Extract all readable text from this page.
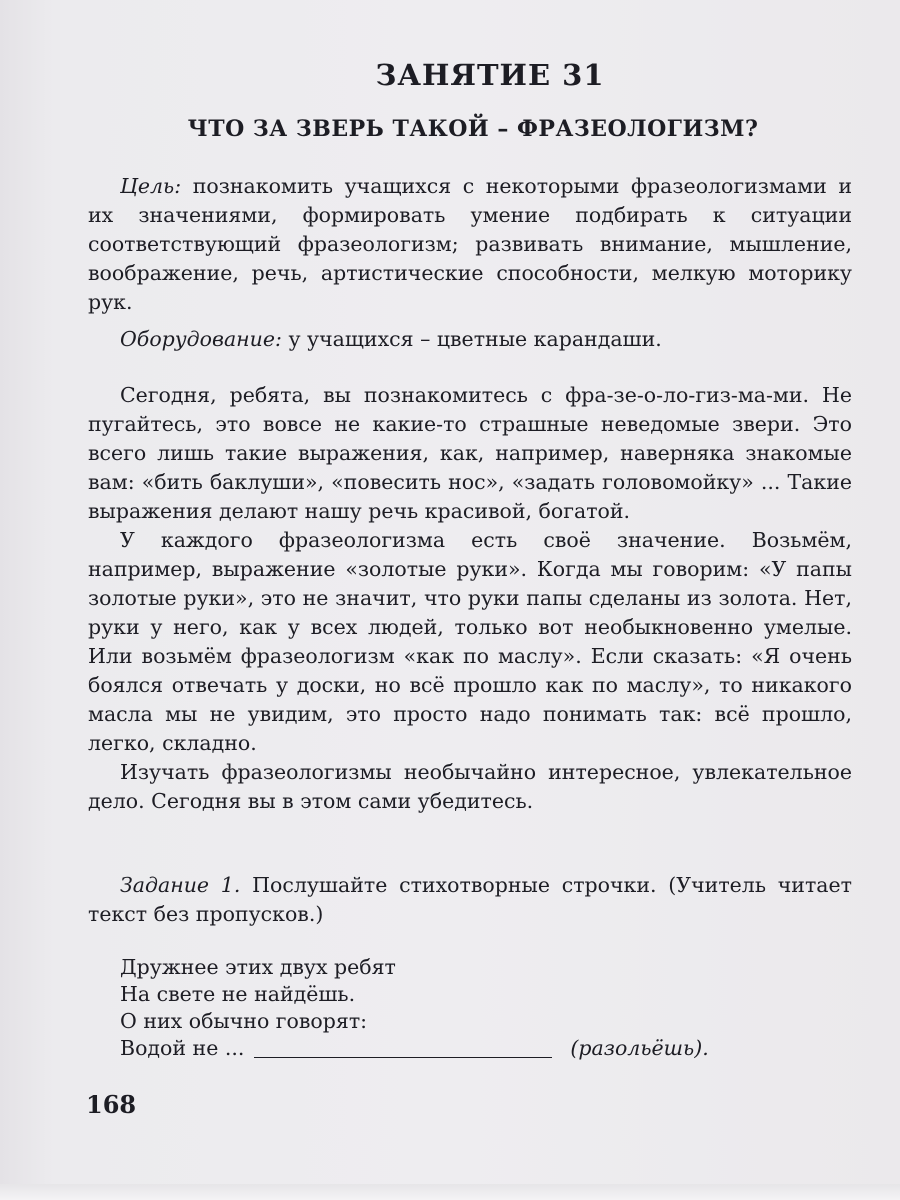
ЗАНЯТИЕ 31
ЧТО ЗА ЗВЕРЬ ТАКОЙ – ФРАЗЕОЛОГИЗМ?

Цель: познакомить учащихся с некоторыми фразеологизмами и их значениями, формировать умение подбирать к ситуации соответствующий фразеологизм; развивать внимание, мышление, воображение, речь, артистические способности, мелкую моторику рук.

Оборудование: у учащихся – цветные карандаши.

Сегодня, ребята, вы познакомитесь с фра-зе-о-ло-гиз-ма-ми. Не пугайтесь, это вовсе не какие-то страшные неведомые звери. Это всего лишь такие выражения, как, например, наверняка знакомые вам: «бить баклуши», «повесить нос», «задать головомойку» ... Такие выражения делают нашу речь красивой, богатой.

У каждого фразеологизма есть своё значение. Возьмём, например, выражение «золотые руки». Когда мы говорим: «У папы золотые руки», это не значит, что руки папы сделаны из золота. Нет, руки у него, как у всех людей, только вот необыкновенно умелые. Или возьмём фразеологизм «как по маслу». Если сказать: «Я очень боялся отвечать у доски, но всё прошло как по маслу», то никакого масла мы не увидим, это просто надо понимать так: всё прошло, легко, складно.

Изучать фразеологизмы необычайно интересное, увлекательное дело. Сегодня вы в этом сами убедитесь.

Задание 1. Послушайте стихотворные строчки. (Учитель читает текст без пропусков.)

Дружнее этих двух ребят
На свете не найдёшь.
О них обычно говорят:
Водой не ...	(разольёшь).
168
